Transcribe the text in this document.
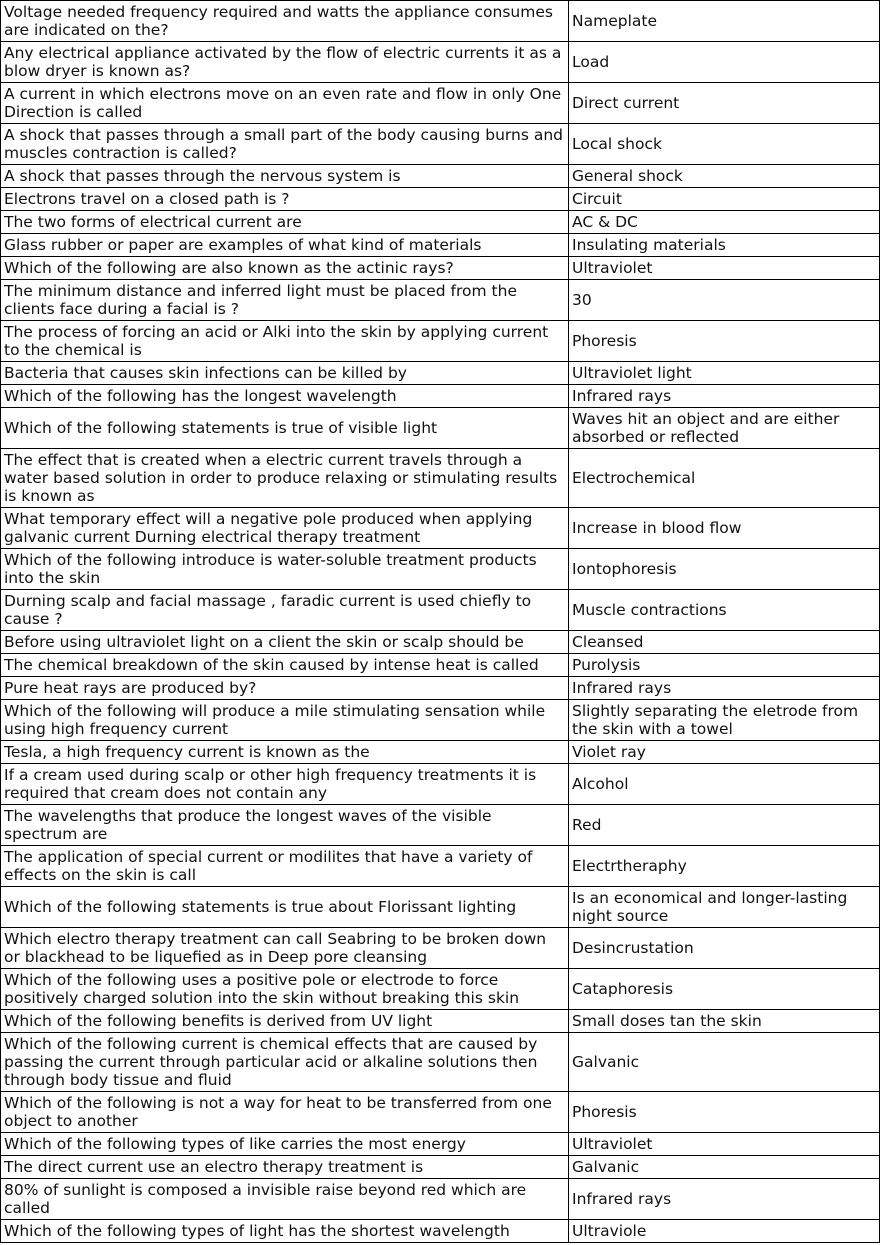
Voltage needed frequency required and watts the appliance consumes are indicated on the?	Nameplate
Any electrical appliance activated by the flow of electric currents it as a blow dryer is known as?	Load
A current in which electrons move on an even rate and flow in only One Direction is called	Direct current
A shock that passes through a small part of the body causing burns and muscles contraction is called?	Local shock
A shock that passes through the nervous system is	General shock
Electrons travel on a closed path is ?	Circuit
The two forms of electrical current are	AC & DC
Glass rubber or paper are examples of what kind of materials	Insulating materials
Which of the following are also known as the actinic rays?	Ultraviolet
The minimum distance and inferred light must be placed from the clients face during a facial is ?	30
The process of forcing an acid or Alki into the skin by applying current to the chemical is	Phoresis
Bacteria that causes skin infections can be killed by	Ultraviolet light
Which of the following has the longest wavelength	Infrared rays
Which of the following statements is true of visible light	Waves hit an object and are either absorbed or reflected
The effect that is created when a electric current travels through a water based solution in order to produce relaxing or stimulating results is known as	Electrochemical
What temporary effect will a negative pole produced when applying galvanic current Durning electrical therapy treatment	Increase in blood flow
Which of the following introduce is water-soluble treatment products into the skin	Iontophoresis
Durning scalp and facial massage , faradic current is used chiefly to cause ?	Muscle contractions
Before using ultraviolet light on a client the skin or scalp should be	Cleansed
The chemical breakdown of the skin caused by intense heat is called	Purolysis
Pure heat rays are produced by?	Infrared rays
Which of the following will produce a mile stimulating sensation while using high frequency current	Slightly separating the eletrode from the skin with a towel
Tesla, a high frequency current is known as the	Violet ray
If a cream used during scalp or other high frequency treatments it is required that cream does not contain any	Alcohol
The wavelengths that produce the longest waves of the visible spectrum are	Red
The application of special current or modilites that have a variety of effects on the skin is call	Electrtheraphy
Which of the following statements is true about Florissant lighting	Is an economical and longer-lasting night source
Which electro therapy treatment can call Seabring to be broken down or blackhead to be liquefied as in Deep pore cleansing	Desincrustation
Which of the following uses a positive pole or electrode to force positively charged solution into the skin without breaking this skin	Cataphoresis
Which of the following benefits is derived from UV light	Small doses tan the skin
Which of the following current is chemical effects that are caused by passing the current through particular acid or alkaline solutions then through body tissue and fluid	Galvanic
Which of the following is not a way for heat to be transferred from one object to another	Phoresis
Which of the following types of like carries the most energy	Ultraviolet
The direct current use an electro therapy treatment is	Galvanic
80% of sunlight is composed a invisible raise beyond red which are called	Infrared rays
Which of the following types of light has the shortest wavelength	Ultraviole
